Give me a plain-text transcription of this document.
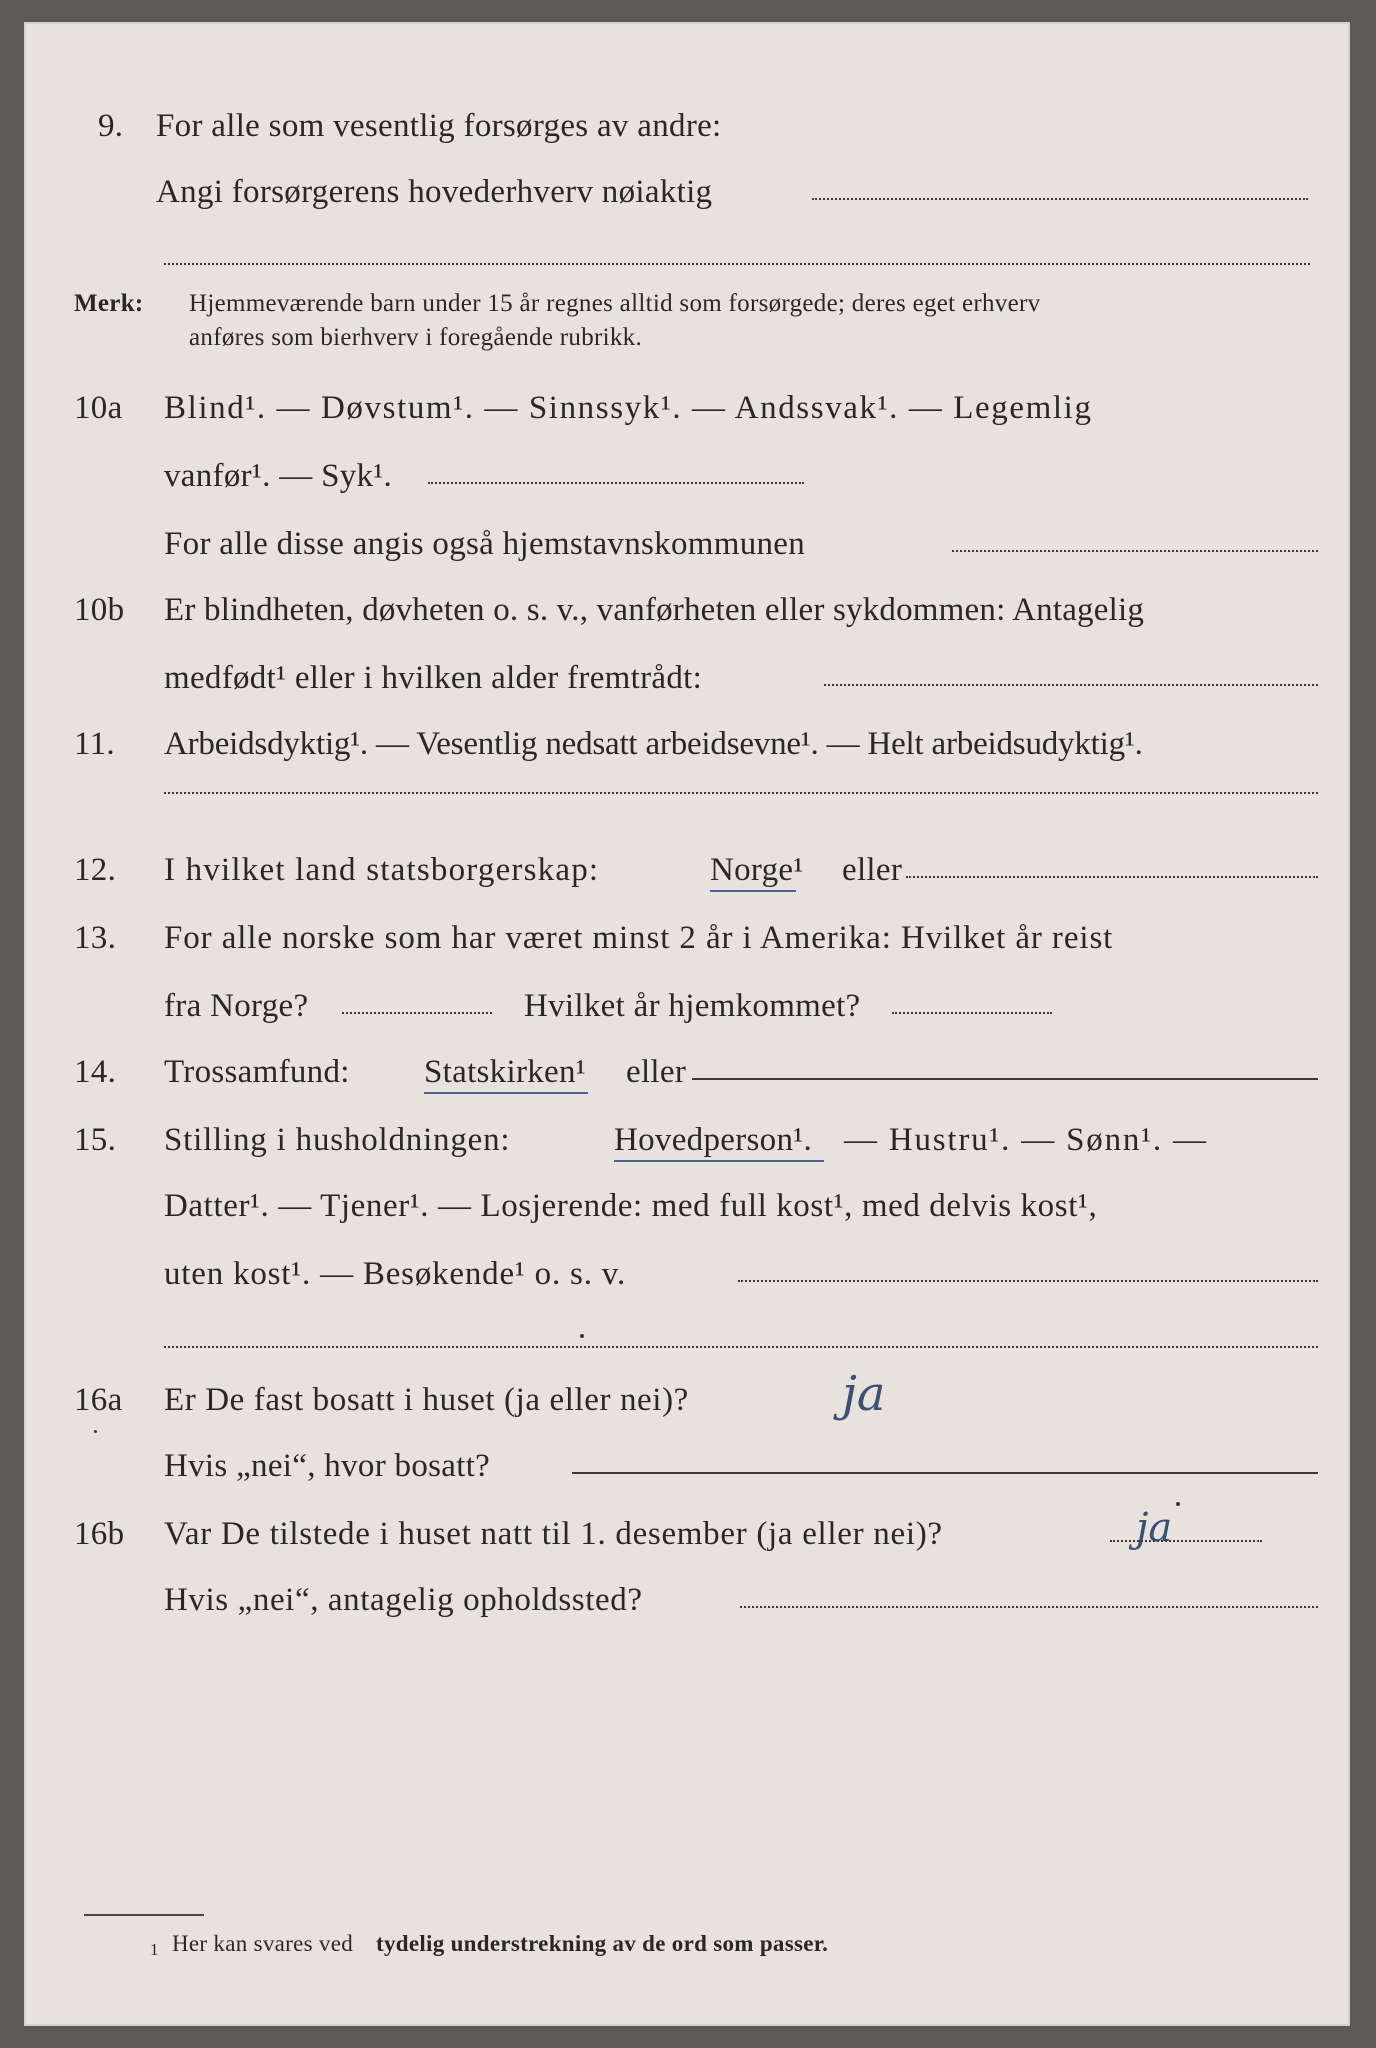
9. For alle som vesentlig forsørges av andre:
Angi forsørgerens hovederhverv nøiaktig
Merk: Hjemmeværende barn under 15 år regnes alltid som forsørgede; deres eget erhverv
anføres som bierhverv i foregående rubrikk.
10a Blind¹. — Døvstum¹. — Sinnssyk¹. — Andssvak¹. — Legemlig
vanfør¹. — Syk¹.
For alle disse angis også hjemstavnskommunen
10b Er blindheten, døvheten o. s. v., vanførheten eller sykdommen: Antagelig
medfødt¹ eller i hvilken alder fremtrådt:
11. Arbeidsdyktig¹. — Vesentlig nedsatt arbeidsevne¹. — Helt arbeidsudyktig¹.
12. I hvilket land statsborgerskap:	Norge¹ eller
13. For alle norske som har været minst 2 år i Amerika: Hvilket år reist
fra Norge?	Hvilket år hjemkommet?
14. Trossamfund: Statskirken¹ eller
15. Stilling i husholdningen:	Hovedperson¹. — Hustru¹. — Sønn¹. —
Datter¹. — Tjener¹. — Losjerende: med full kost¹, med delvis kost¹,
uten kost¹. — Besøkende¹ o. s. v.
16a Er De fast bosatt i huset (ja eller nei)?	ja
Hvis „nei“, hvor bosatt?
16b Var De tilstede i huset natt til 1. desember (ja eller nei)?	ja
Hvis „nei“, antagelig opholdssted?
1 Her kan svares ved tydelig understrekning av de ord som passer.
